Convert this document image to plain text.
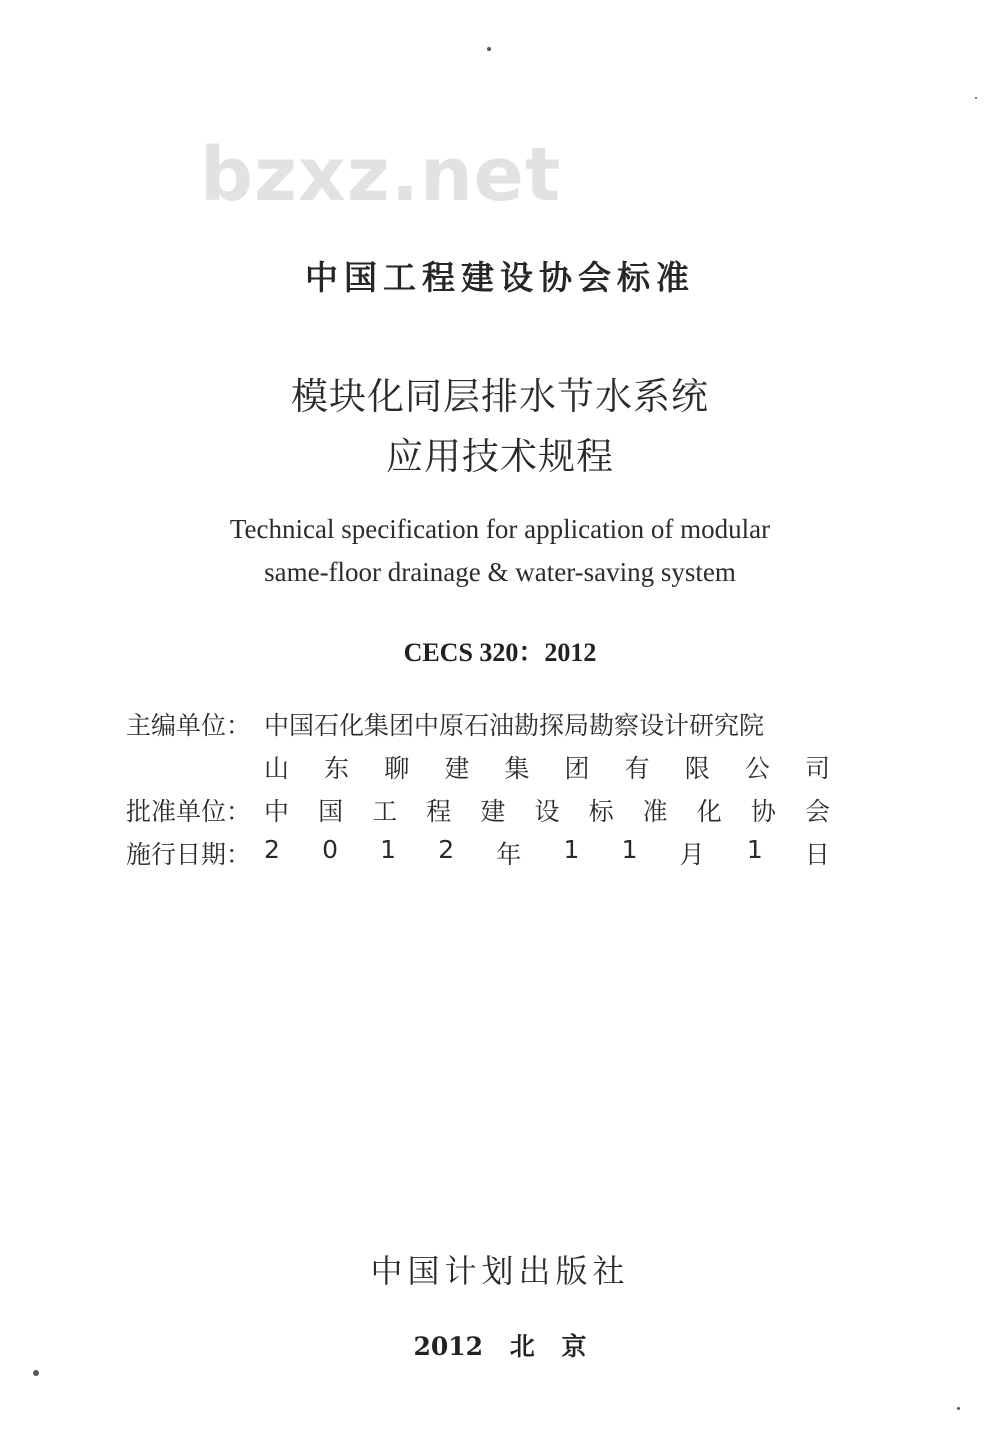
bzxz.net
中国工程建设协会标准
模块化同层排水节水系统
应用技术规程
Technical specification for application of modular
same-floor drainage & water-saving system
CECS 320：2012
主编单位： 中国石化集团中原石油勘探局勘察设计研究院
山 东 聊 建 集 团 有 限 公 司
批准单位： 中 国 工 程 建 设 标 准 化 协 会
施行日期： 2 0 1 2 年 1 1 月 1 日
中国计划出版社
2012 北 京
